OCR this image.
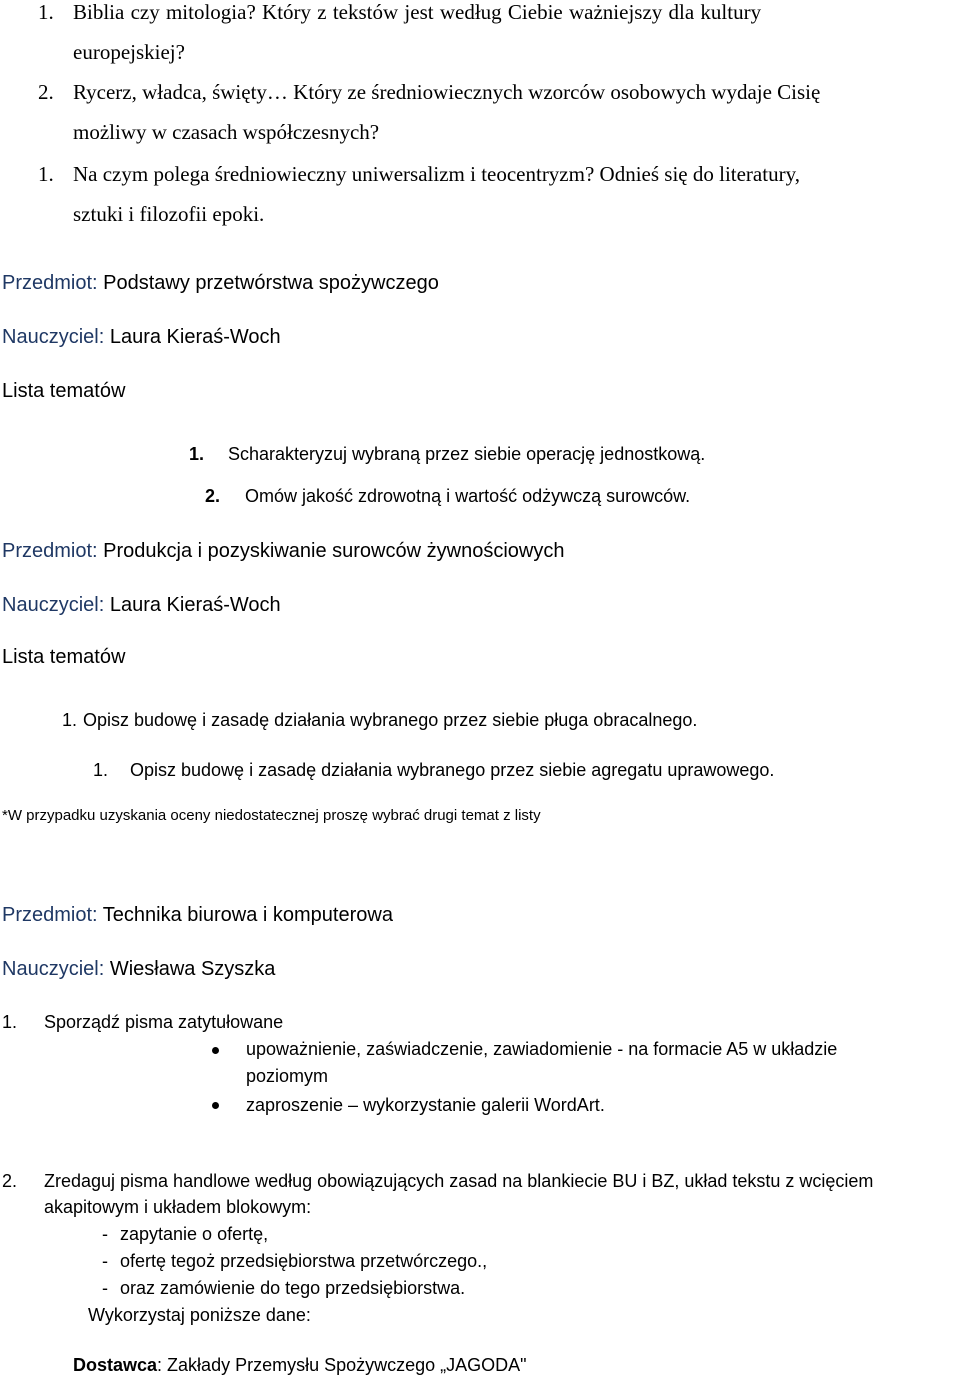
1. Biblia czy mitologia? Który z tekstów jest według Ciebie ważniejszy dla kultury
europejskiej?
2. Rycerz, władca, święty… Który ze średniowiecznych wzorców osobowych wydaje Cisię
możliwy w czasach współczesnych?
1. Na czym polega średniowieczny uniwersalizm i teocentryzm? Odnieś się do literatury,
sztuki i filozofii epoki.
Przedmiot: Podstawy przetwórstwa spożywczego
Nauczyciel: Laura Kieraś-Woch
Lista tematów
1. Scharakteryzuj wybraną przez siebie operację jednostkową.
2. Omów jakość zdrowotną i wartość odżywczą surowców.
Przedmiot: Produkcja i pozyskiwanie surowców żywnościowych
Nauczyciel: Laura Kieraś-Woch
Lista tematów
1. Opisz budowę i zasadę działania wybranego przez siebie pługa obracalnego.
1. Opisz budowę i zasadę działania wybranego przez siebie agregatu uprawowego.
*W przypadku uzyskania oceny niedostatecznej proszę wybrać drugi temat z listy
Przedmiot: Technika biurowa i komputerowa
Nauczyciel: Wiesława Szyszka
1. Sporządź pisma zatytułowane
upoważnienie, zaświadczenie, zawiadomienie - na formacie A5 w układzie
poziomym
zaproszenie – wykorzystanie galerii WordArt.
2. Zredaguj pisma handlowe według obowiązujących zasad na blankiecie BU i BZ, układ tekstu z wcięciem
akapitowym i układem blokowym:
- zapytanie o ofertę,
- ofertę tegoż przedsiębiorstwa przetwórczego.,
- oraz zamówienie do tego przedsiębiorstwa.
Wykorzystaj poniższe dane:
Dostawca: Zakłady Przemysłu Spożywczego „JAGODA"
